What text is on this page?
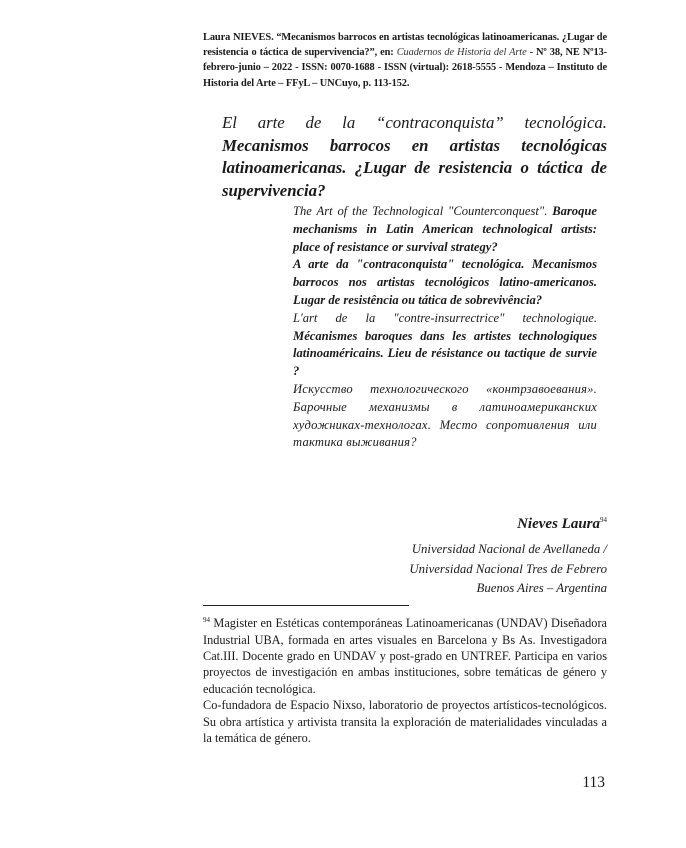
Laura NIEVES. “Mecanismos barrocos en artistas tecnológicas latinoamericanas. ¿Lugar de resistencia o táctica de supervivencia?”, en: Cuadernos de Historia del Arte - Nº 38, NE Nº13- febrero-junio – 2022 - ISSN: 0070-1688 - ISSN (virtual): 2618-5555 - Mendoza – Instituto de Historia del Arte – FFyL – UNCuyo, p. 113-152.
El arte de la “contraconquista” tecnológica. Mecanismos barrocos en artistas tecnológicas latinoamericanas. ¿Lugar de resistencia o táctica de supervivencia?

The Art of the Technological "Counterconquest". Baroque mechanisms in Latin American technological artists: place of resistance or survival strategy?

A arte da "contraconquista" tecnológica. Mecanismos barrocos nos artistas tecnológicos latino-americanos. Lugar de resistência ou tática de sobrevivência?

L'art de la "contre-insurrectrice" technologique. Mécanismes baroques dans les artistes technologiques latinoaméricains. Lieu de résistance ou tactique de survie ?

Искусство технологического «контрзавоевания». Барочные механизмы в латиноамериканских художниках-технологах. Место сопротивления или тактика выживания?

Nieves Laura$^{94}$
Universidad Nacional de Avellaneda /
Universidad Nacional Tres de Febrero
Buenos Aires – Argentina

$^{94}$ Magister en Estéticas contemporáneas Latinoamericanas (UNDAV) Diseñadora Industrial UBA, formada en artes visuales en Barcelona y Bs As. Investigadora Cat.III. Docente grado en UNDAV y post-grado en UNTREF. Participa en varios proyectos de investigación en ambas instituciones, sobre temáticas de género y educación tecnológica.

Co-fundadora de Espacio Nixso, laboratorio de proyectos artísticos-tecnológicos. Su obra artística y artivista transita la exploración de materialidades vinculadas a la temática de género.

113
